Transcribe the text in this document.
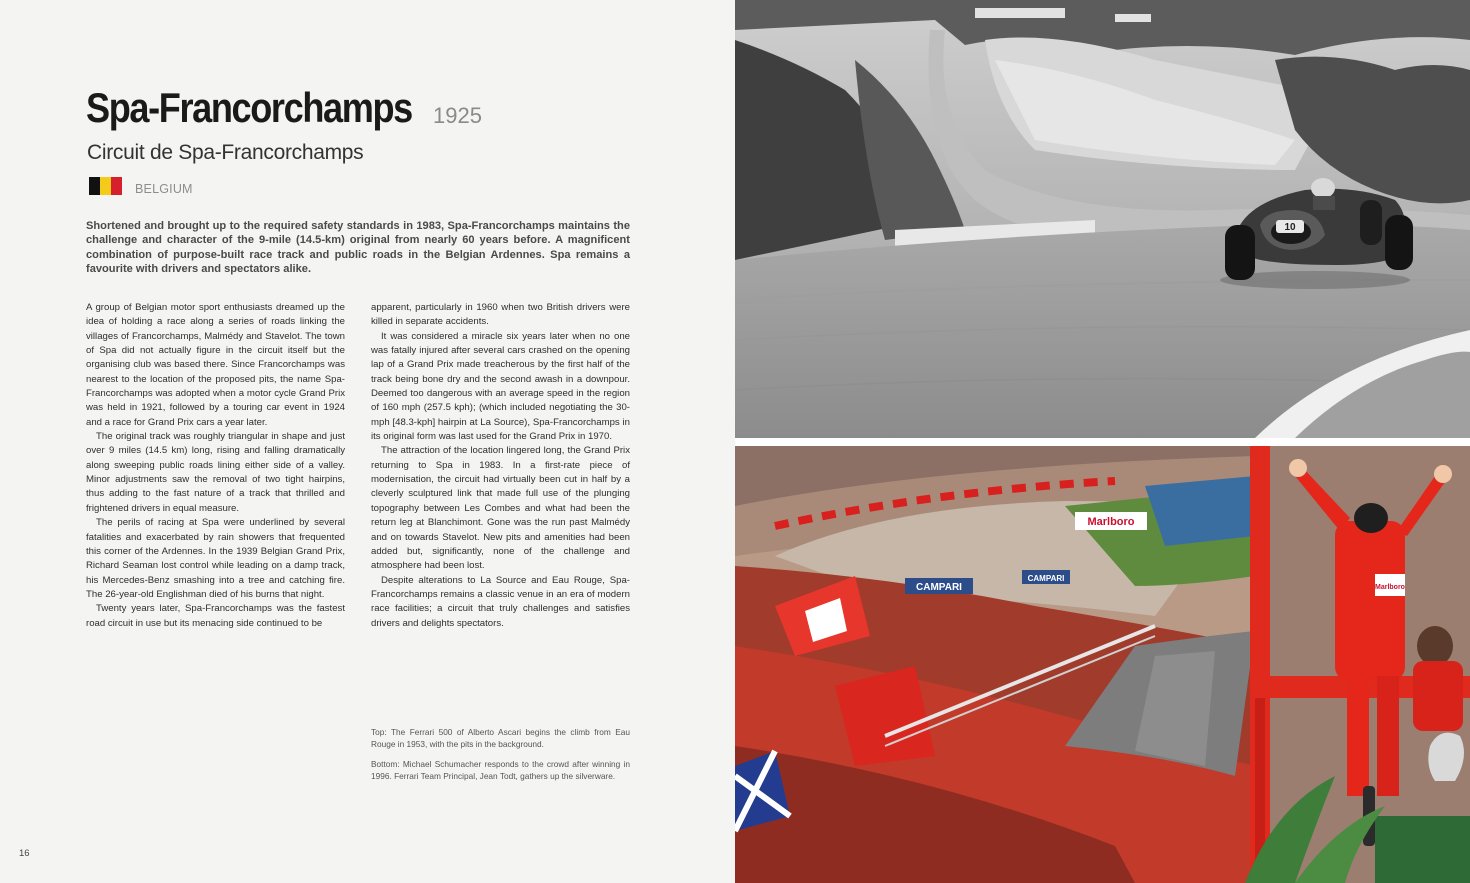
Spa-Francorchamps 1925
Circuit de Spa-Francorchamps
BELGIUM
Shortened and brought up to the required safety standards in 1983, Spa-Francorchamps maintains the challenge and character of the 9-mile (14.5-km) original from nearly 60 years before. A magnificent combination of purpose-built race track and public roads in the Belgian Ardennes. Spa remains a favourite with drivers and spectators alike.

A group of Belgian motor sport enthusiasts dreamed up the idea of holding a race along a series of roads linking the villages of Francorchamps, Malmédy and Stavelot. The town of Spa did not actually figure in the circuit itself but the organising club was based there. Since Francorchamps was nearest to the location of the proposed pits, the name Spa-Francorchamps was adopted when a motor cycle Grand Prix was held in 1921, followed by a touring car event in 1924 and a race for Grand Prix cars a year later.

The original track was roughly triangular in shape and just over 9 miles (14.5 km) long, rising and falling dramatically along sweeping public roads lining either side of a valley. Minor adjustments saw the removal of two tight hairpins, thus adding to the fast nature of a track that thrilled and frightened drivers in equal measure.

The perils of racing at Spa were underlined by several fatalities and exacerbated by rain showers that frequented this corner of the Ardennes. In the 1939 Belgian Grand Prix, Richard Seaman lost control while leading on a damp track, his Mercedes-Benz smashing into a tree and catching fire. The 26-year-old Englishman died of his burns that night.

Twenty years later, Spa-Francorchamps was the fastest road circuit in use but its menacing side continued to be

apparent, particularly in 1960 when two British drivers were killed in separate accidents.

It was considered a miracle six years later when no one was fatally injured after several cars crashed on the opening lap of a Grand Prix made treacherous by the first half of the track being bone dry and the second awash in a downpour. Deemed too dangerous with an average speed in the region of 160 mph (257.5 kph); (which included negotiating the 30-mph [48.3-kph] hairpin at La Source), Spa-Francorchamps in its original form was last used for the Grand Prix in 1970.

The attraction of the location lingered long, the Grand Prix returning to Spa in 1983. In a first-rate piece of modernisation, the circuit had virtually been cut in half by a cleverly sculptured link that made full use of the plunging topography between Les Combes and what had been the return leg at Blanchimont. Gone was the run past Malmédy and on towards Stavelot. New pits and amenities had been added but, significantly, none of the challenge and atmosphere had been lost.

Despite alterations to La Source and Eau Rouge, Spa-Francorchamps remains a classic venue in an era of modern race facilities; a circuit that truly challenges and satisfies drivers and delights spectators.

Top: The Ferrari 500 of Alberto Ascari begins the climb from Eau Rouge in 1953, with the pits in the background.

Bottom: Michael Schumacher responds to the crowd after winning in 1996. Ferrari Team Principal, Jean Todt, gathers up the silverware.

16
10
Marlboro
CAMPARI
CAMPARI
Marlboro
